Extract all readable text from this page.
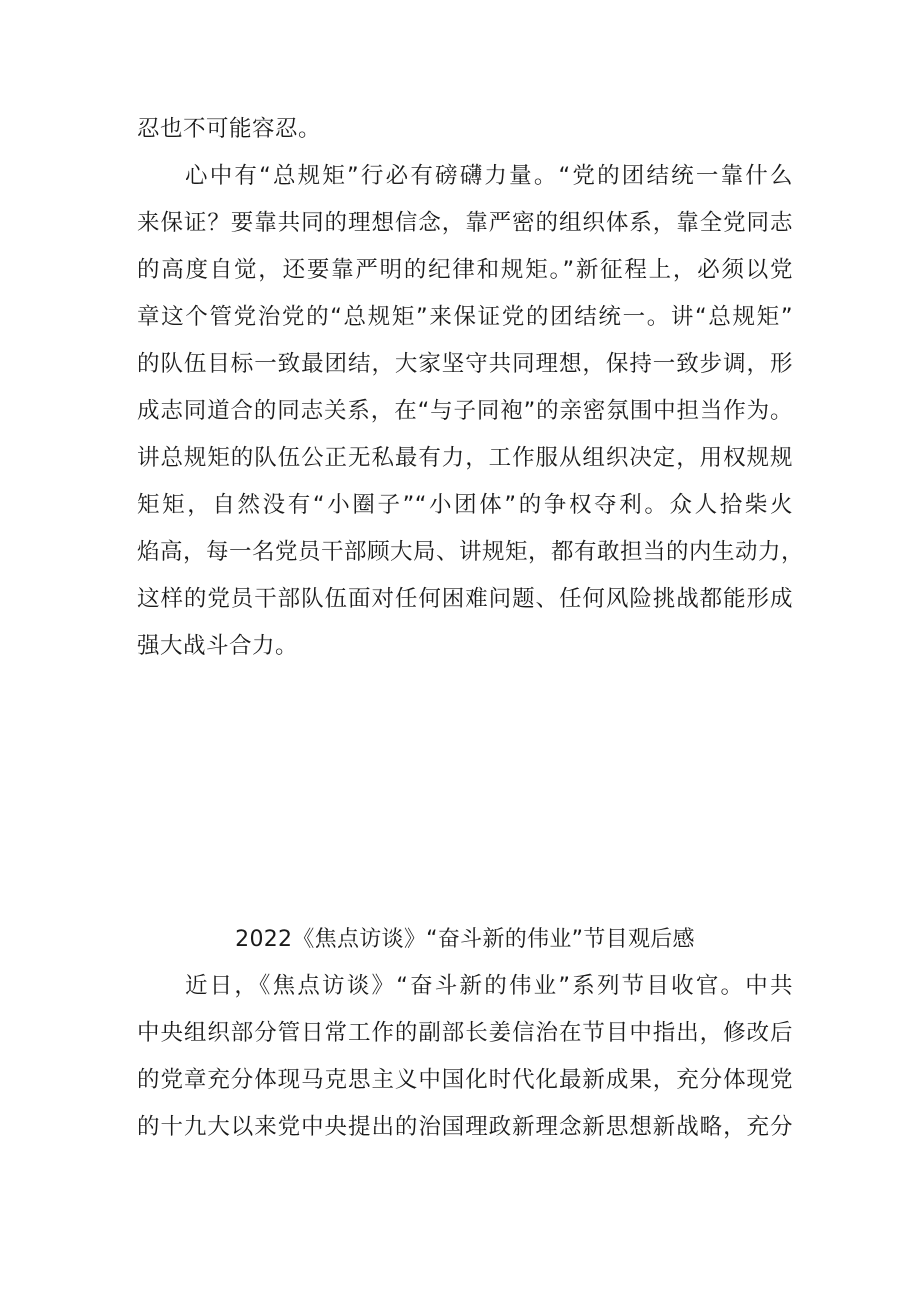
忍也不可能容忍。
心中有“总规矩”行必有磅礴力量。“党的团结统一靠什么
来保证？要靠共同的理想信念，靠严密的组织体系，靠全党同志
的高度自觉，还要靠严明的纪律和规矩。”新征程上，必须以党
章这个管党治党的“总规矩”来保证党的团结统一。讲“总规矩”
的队伍目标一致最团结，大家坚守共同理想，保持一致步调，形
成志同道合的同志关系，在“与子同袍”的亲密氛围中担当作为。
讲总规矩的队伍公正无私最有力，工作服从组织决定，用权规规
矩矩，自然没有“小圈子”“小团体”的争权夺利。众人拾柴火
焰高，每一名党员干部顾大局、讲规矩，都有敢担当的内生动力，
这样的党员干部队伍面对任何困难问题、任何风险挑战都能形成
强大战斗合力。
2022《焦点访谈》“奋斗新的伟业”节目观后感
近日，《焦点访谈》“奋斗新的伟业”系列节目收官。中共
中央组织部分管日常工作的副部长姜信治在节目中指出，修改后
的党章充分体现马克思主义中国化时代化最新成果，充分体现党
的十九大以来党中央提出的治国理政新理念新思想新战略，充分
